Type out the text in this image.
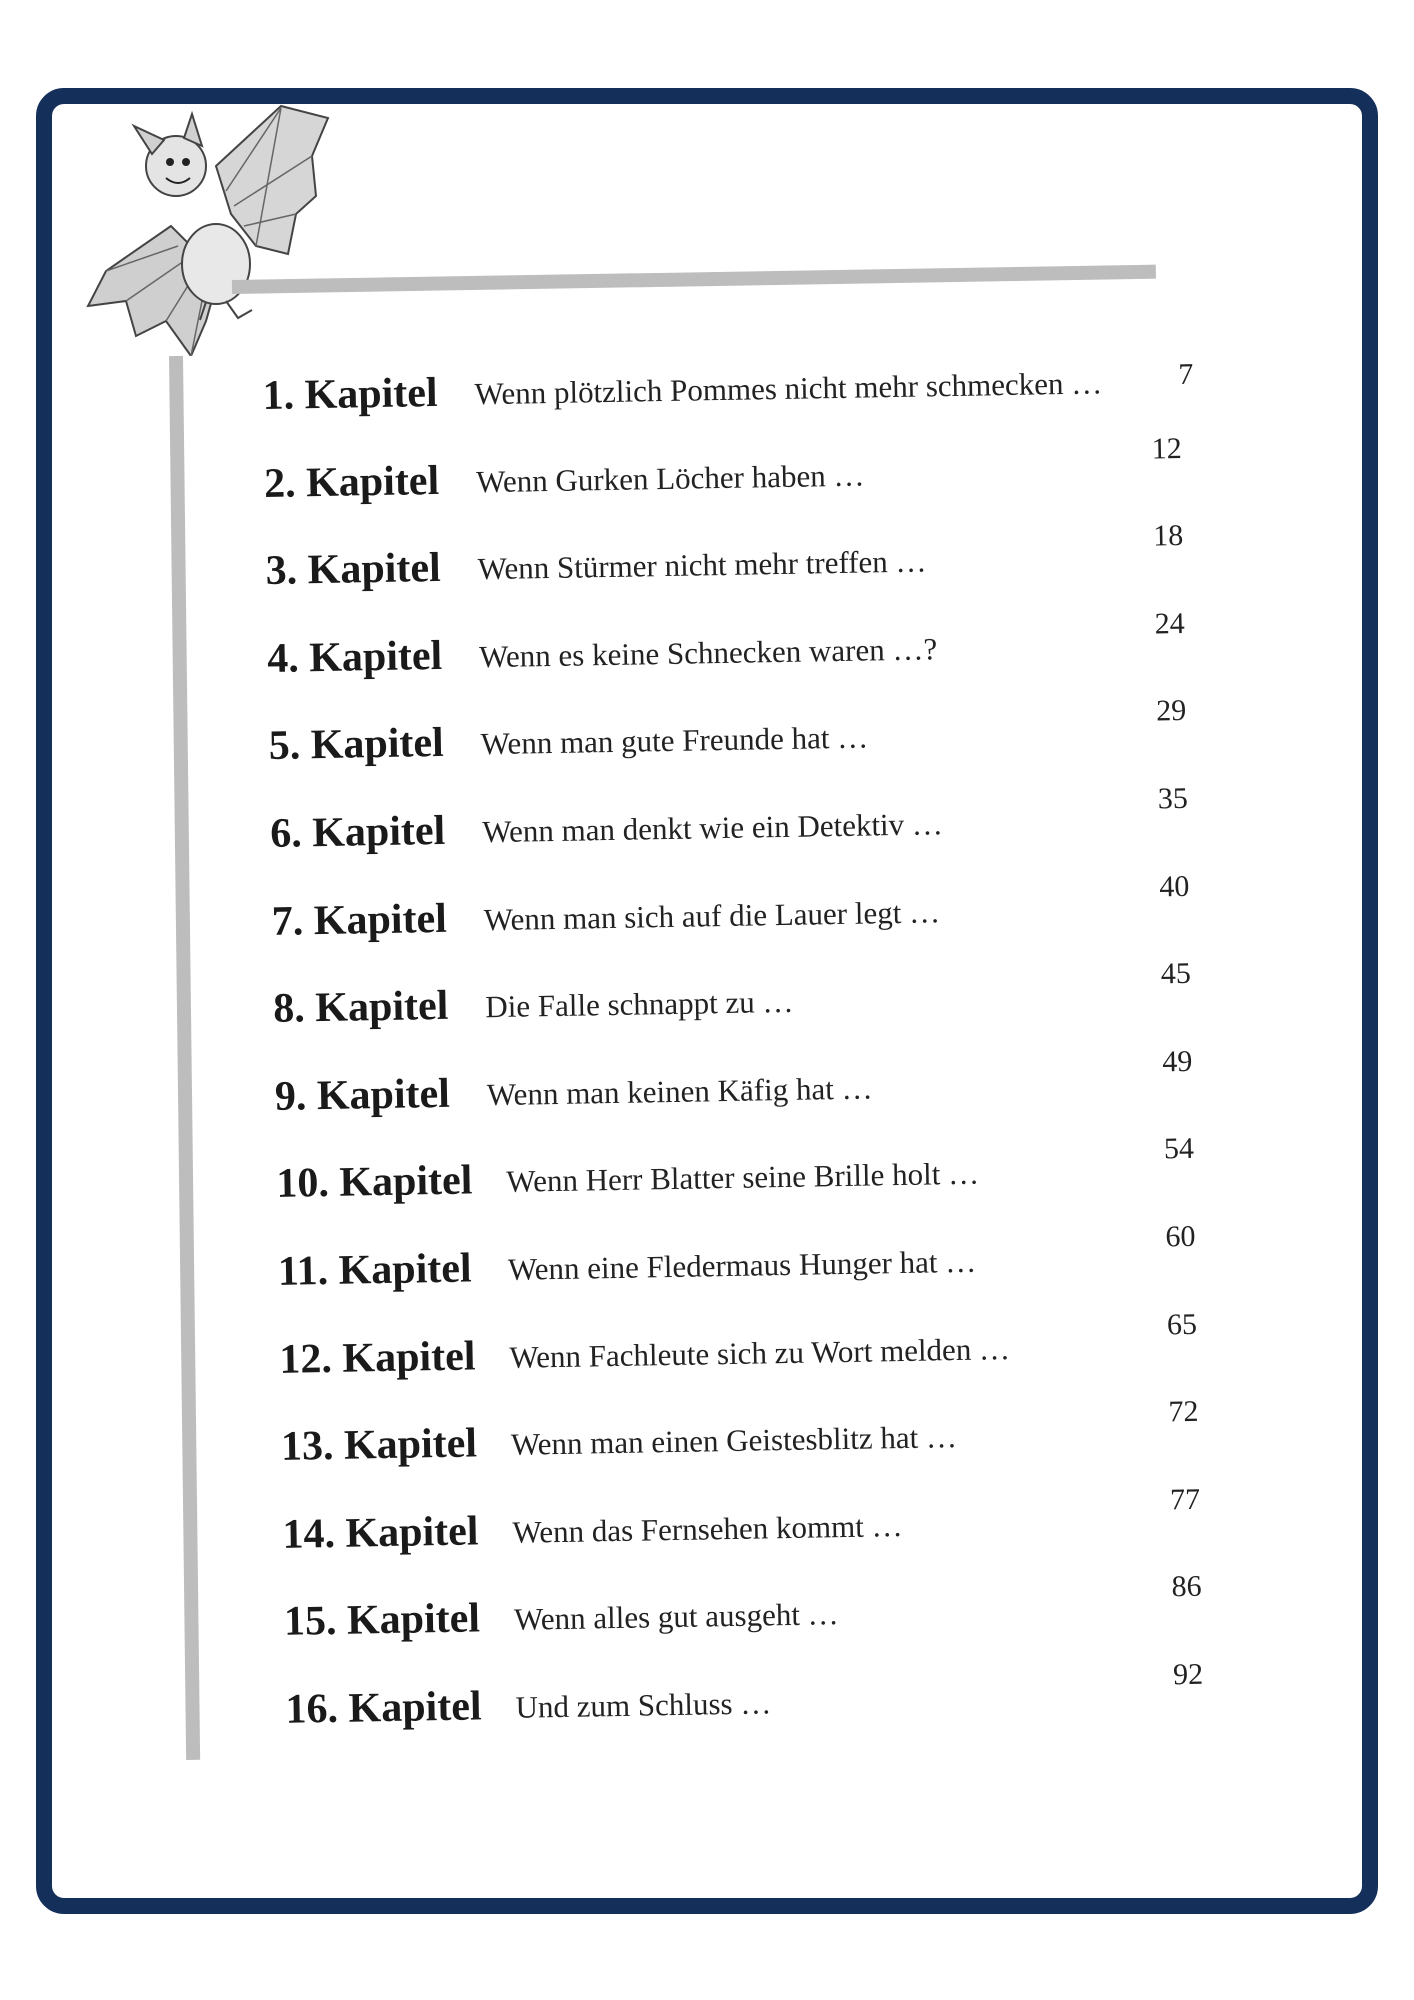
1. Kapitel Wenn plötzlich Pommes nicht mehr schmecken …	7
2. Kapitel Wenn Gurken Löcher haben …
12
3. Kapitel Wenn Stürmer nicht mehr treffen …
18
4. Kapitel Wenn es keine Schnecken waren …?
24
5. Kapitel Wenn man gute Freunde hat …
29
6. Kapitel Wenn man denkt wie ein Detektiv …
35
7. Kapitel Wenn man sich auf die Lauer legt …
40
8. Kapitel Die Falle schnappt zu …
45
9. Kapitel Wenn man keinen Käfig hat …
49
10. Kapitel Wenn Herr Blatter seine Brille holt …
54
11. Kapitel Wenn eine Fledermaus Hunger hat …
60
12. Kapitel Wenn Fachleute sich zu Wort melden …
65
13. Kapitel Wenn man einen Geistesblitz hat …
72
14. Kapitel Wenn das Fernsehen kommt …
77
15. Kapitel Wenn alles gut ausgeht …
86
16. Kapitel Und zum Schluss …
92
